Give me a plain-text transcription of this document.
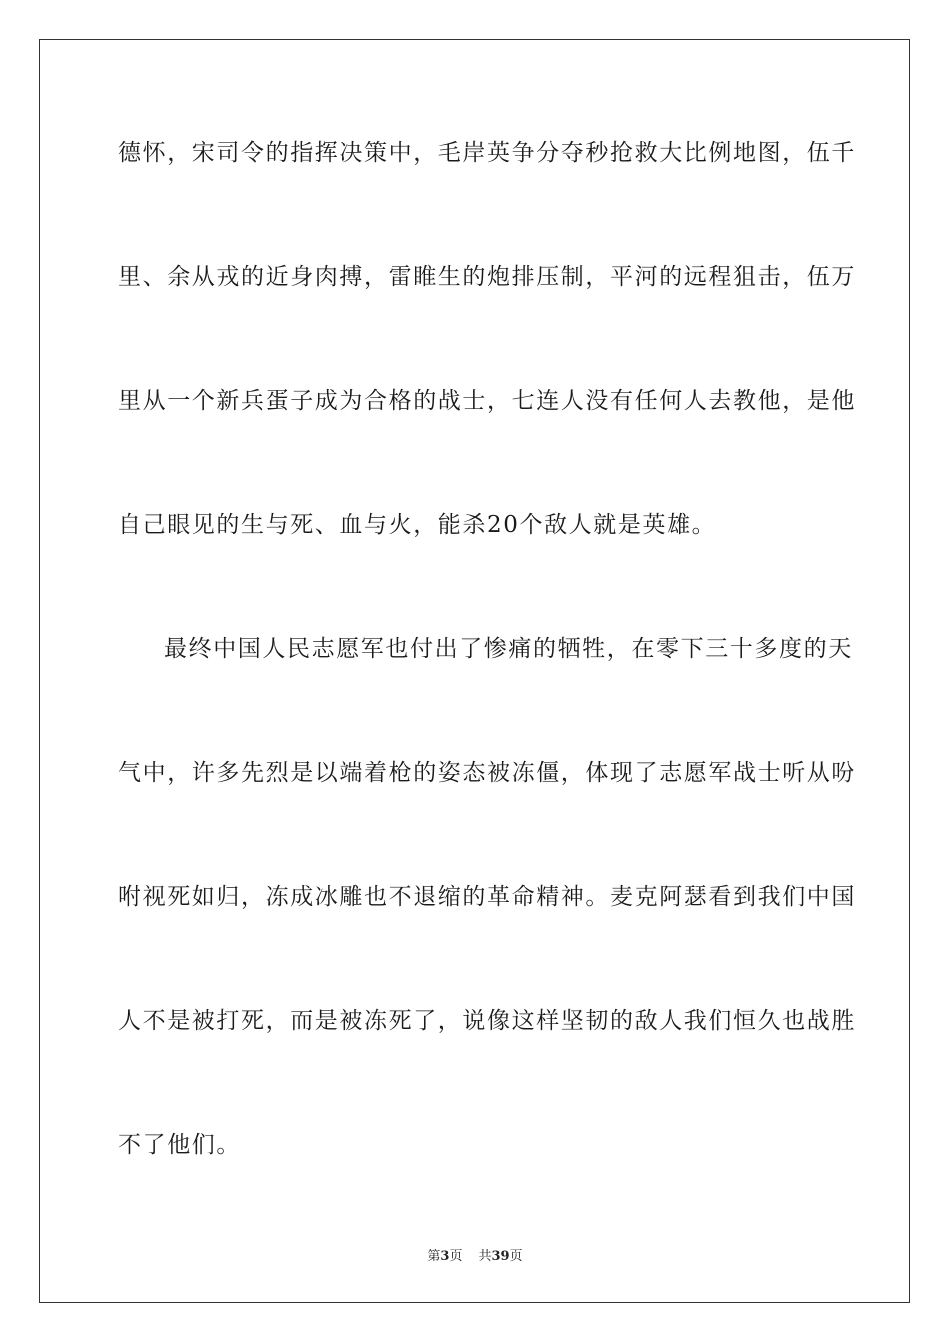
德怀，宋司令的指挥决策中，毛岸英争分夺秒抢救大比例地图，伍千
里、余从戎的近身肉搏，雷睢生的炮排压制，平河的远程狙击，伍万
里从一个新兵蛋子成为合格的战士，七连人没有任何人去教他，是他
自己眼见的生与死、血与火，能杀20个敌人就是英雄。
最终中国人民志愿军也付出了惨痛的牺牲，在零下三十多度的天
气中，许多先烈是以端着枪的姿态被冻僵，体现了志愿军战士听从吩
咐视死如归，冻成冰雕也不退缩的革命精神。麦克阿瑟看到我们中国
人不是被打死，而是被冻死了，说像这样坚韧的敌人我们恒久也战胜
不了他们。
第3页 共39页
